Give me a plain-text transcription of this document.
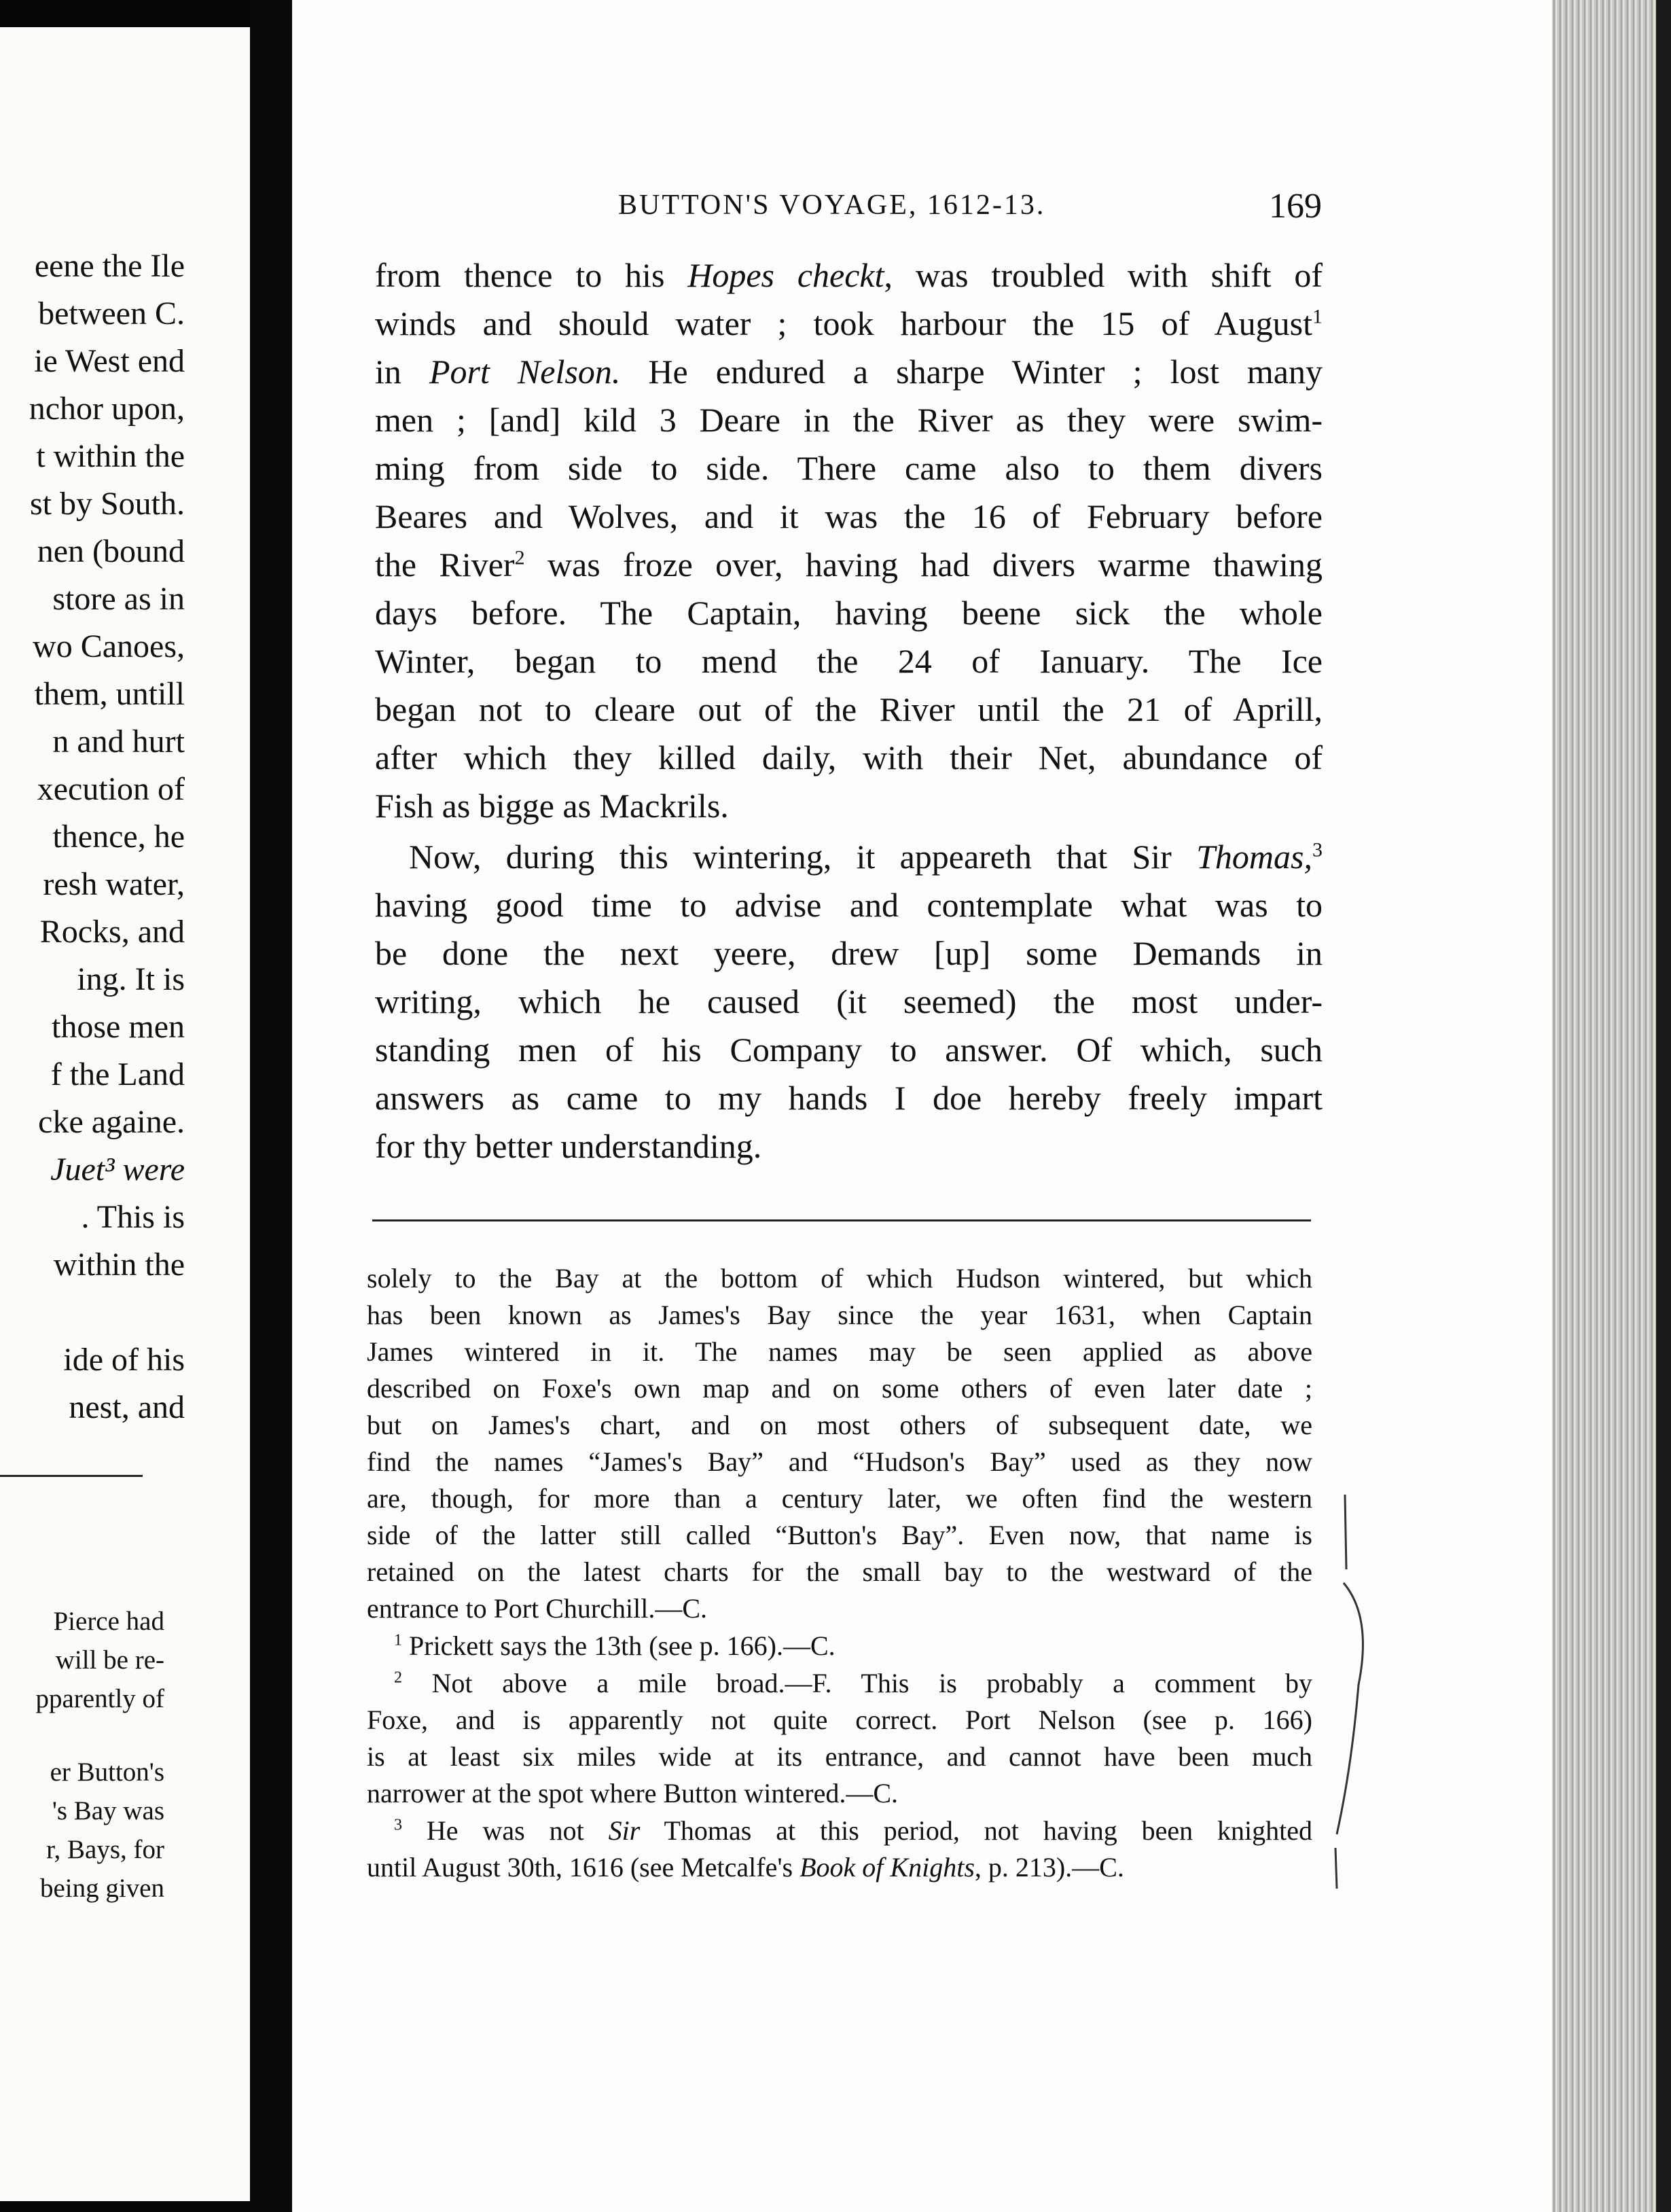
eene the Ile
between C.
ie West end
nchor upon,
t within the
st by South.
nen (bound
store as in
wo Canoes,
them, untill
n and hurt
xecution of
thence, he
resh water,
Rocks, and
ing. It is
those men
f the Land
cke againe.
Juet³ were
. This is
within the
ide of his
nest, and
Pierce had
will be re-
pparently of
er Button's
's Bay was
r, Bays, for
being given
BUTTON'S VOYAGE, 1612-13.	169
from thence to his Hopes checkt, was troubled with shift of
winds and should water ; took harbour the 15 of August$^1$
in Port Nelson. He endured a sharpe Winter ; lost many
men ; [and] kild 3 Deare in the River as they were swim-
ming from side to side. There came also to them divers
Beares and Wolves, and it was the 16 of February before
the River$^2$ was froze over, having had divers warme thawing
days before. The Captain, having beene sick the whole
Winter, began to mend the 24 of Ianuary. The Ice
began not to cleare out of the River until the 21 of Aprill,
after which they killed daily, with their Net, abundance of
Fish as bigge as Mackrils.
Now, during this wintering, it appeareth that Sir Thomas,$^3$
having good time to advise and contemplate what was to
be done the next yeere, drew [up] some Demands in
writing, which he caused (it seemed) the most under-
standing men of his Company to answer. Of which, such
answers as came to my hands I doe hereby freely impart
for thy better understanding.
solely to the Bay at the bottom of which Hudson wintered, but which
has been known as James's Bay since the year 1631, when Captain
James wintered in it. The names may be seen applied as above
described on Foxe's own map and on some others of even later date ;
but on James's chart, and on most others of subsequent date, we
find the names “James's Bay” and “Hudson's Bay” used as they now
are, though, for more than a century later, we often find the western
side of the latter still called “Button's Bay”. Even now, that name is
retained on the latest charts for the small bay to the westward of the
entrance to Port Churchill.—C.
$^1$ Prickett says the 13th (see p. 166).—C.
$^2$ Not above a mile broad.—F. This is probably a comment by
Foxe, and is apparently not quite correct. Port Nelson (see p. 166)
is at least six miles wide at its entrance, and cannot have been much
narrower at the spot where Button wintered.—C.
$^3$ He was not Sir Thomas at this period, not having been knighted
until August 30th, 1616 (see Metcalfe's Book of Knights, p. 213).—C.
